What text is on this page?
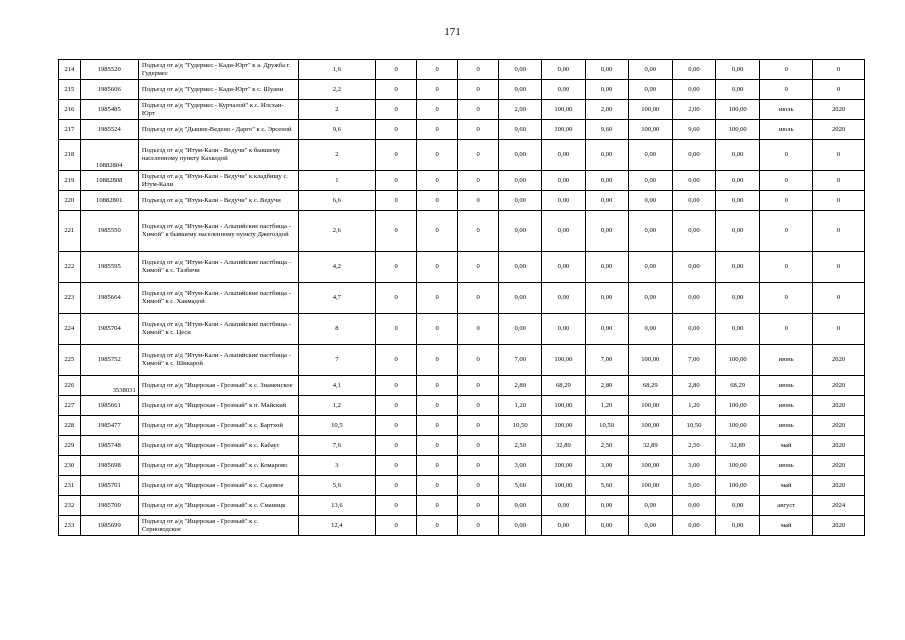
171
214	1985520	Подъезд от а/д "Гудермес - Кади-Юрт" к а. Дружба г. Гудермес	1,6	0	0	0	0,00	0,00	0,00	0,00	0,00	0,00	0	0
215	1985606	Подъезд от а/д "Гудермес - Кади-Юрт" к с. Шуани	2,2	0	0	0	0,00	0,00	0,00	0,00	0,00	0,00	0	0
216	1985485	Подъезд от а/д "Гудермес - Курчалой" к с. Илсхан-Юрт	2	0	0	0	2,00	100,00	2,00	100,00	2,00	100,00	июль	2020
217	1985524	Подъезд от а/д "Дышне-Ведено - Дарго" к с. Эрсеной	9,6	0	0	0	9,60	100,00	9,60	100,00	9,60	100,00	июль	2020
218	10882804	Подъезд от а/д "Итум-Кали - Ведучи" к бывшему населенному пункту Кахкодой	2	0	0	0	0,00	0,00	0,00	0,00	0,00	0,00	0	0
219	10882808	Подъезд от а/д "Итум-Кали - Ведучи" к кладбищу с. Итум-Кали	1	0	0	0	0,00	0,00	0,00	0,00	0,00	0,00	0	0
220	10882801	Подъезд от а/д "Итум-Кали - Ведучи" к с. Ведучи	6,6	0	0	0	0,00	0,00	0,00	0,00	0,00	0,00	0	0
221	1985550	Подъезд от а/д "Итум-Кали - Альпийские пастбища - Химой" к бывшему населенному пункту Джеголдой	2,6	0	0	0	0,00	0,00	0,00	0,00	0,00	0,00	0	0
222	1985595	Подъезд от а/д "Итум-Кали - Альпийские пастбища - Химой" к с. Тазбичи	4,2	0	0	0	0,00	0,00	0,00	0,00	0,00	0,00	0	0
223	1985664	Подъезд от а/д "Итум-Кали - Альпийские пастбища - Химой" к с. Хакмадой	4,7	0	0	0	0,00	0,00	0,00	0,00	0,00	0,00	0	0
224	1985704	Подъезд от а/д "Итум-Кали - Альпийские пастбища - Химой" к с. Цеси	8	0	0	0	0,00	0,00	0,00	0,00	0,00	0,00	0	0
225	1985752	Подъезд от а/д "Итум-Кали - Альпийские пастбища - Химой" к с. Шикарой	7	0	0	0	7,00	100,00	7,00	100,00	7,00	100,00	июнь	2020
226	3538031	Подъезд от а/д "Ищерская - Грозный" к с. Знаменское	4,1	0	0	0	2,80	68,29	2,80	68,29	2,80	68,29	июнь	2020
227	1985661	Подъезд от а/д "Ищерская - Грозный" к п. Майский	1,2	0	0	0	1,20	100,00	1,20	100,00	1,20	100,00	июнь	2020
228	1985477	Подъезд от а/д "Ищерская - Грозный" к с. Бартхой	10,5	0	0	0	10,50	100,00	10,50	100,00	10,50	100,00	июнь	2020
229	1985748	Подъезд от а/д "Ищерская - Грозный" к с. Кабаус	7,6	0	0	0	2,50	32,89	2,50	32,89	2,50	32,89	май	2020
230	1985698	Подъезд от а/д "Ищерская - Грозный" к с. Комарово	3	0	0	0	3,00	100,00	3,00	100,00	3,00	100,00	июнь	2020
231	1985701	Подъезд от а/д "Ищерская - Грозный" к с. Садовое	5,6	0	0	0	5,60	100,00	5,60	100,00	5,60	100,00	май	2020
232	1985700	Подъезд от а/д "Ищерская - Грозный" к с. Сманицк	13,6	0	0	0	0,00	0,00	0,00	0,00	0,00	0,00	август	2024
233	1985699	Подъезд от а/д "Ищерская - Грозный" к с. Серноводское	12,4	0	0	0	0,00	0,00	0,00	0,00	0,00	0,00	май	2020
